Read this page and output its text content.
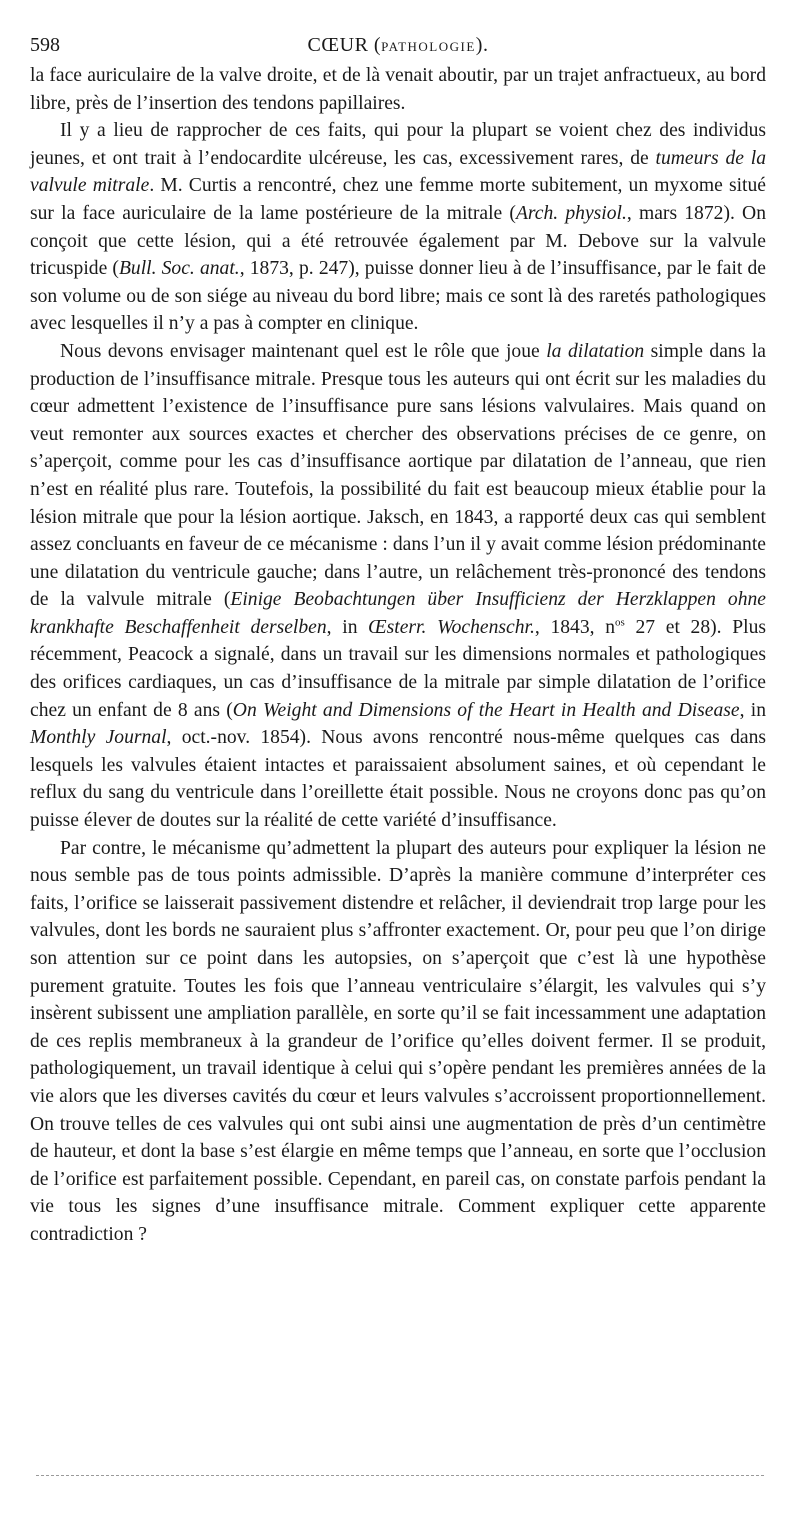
598	CŒUR (PATHOLOGIE).

la face auriculaire de la valve droite, et de là venait aboutir, par un trajet anfractueux, au bord libre, près de l’insertion des tendons papillaires.

Il y a lieu de rapprocher de ces faits, qui pour la plupart se voient chez des individus jeunes, et ont trait à l’endocardite ulcéreuse, les cas, excessivement rares, de tumeurs de la valvule mitrale. M. Curtis a rencontré, chez une femme morte subitement, un myxome situé sur la face auriculaire de la lame postérieure de la mitrale (Arch. physiol., mars 1872). On conçoit que cette lésion, qui a été retrouvée également par M. Debove sur la valvule tricuspide (Bull. Soc. anat., 1873, p. 247), puisse donner lieu à de l’insuffisance, par le fait de son volume ou de son siége au niveau du bord libre; mais ce sont là des raretés pathologiques avec lesquelles il n’y a pas à compter en clinique.

Nous devons envisager maintenant quel est le rôle que joue la dilatation simple dans la production de l’insuffisance mitrale. Presque tous les auteurs qui ont écrit sur les maladies du cœur admettent l’existence de l’insuffisance pure sans lésions valvulaires. Mais quand on veut remonter aux sources exactes et chercher des observations précises de ce genre, on s’aperçoit, comme pour les cas d’insuffisance aortique par dilatation de l’anneau, que rien n’est en réalité plus rare. Toutefois, la possibilité du fait est beaucoup mieux établie pour la lésion mitrale que pour la lésion aortique. Jaksch, en 1843, a rapporté deux cas qui semblent assez concluants en faveur de ce mécanisme : dans l’un il y avait comme lésion prédominante une dilatation du ventricule gauche; dans l’autre, un relâchement très-prononcé des tendons de la valvule mitrale (Einige Beobachtungen über Insufficienz der Herzklappen ohne krankhafte Beschaffenheit derselben, in Œsterr. Wochenschr., 1843, $n^{os}$ 27 et 28). Plus récemment, Peacock a signalé, dans un travail sur les dimensions normales et pathologiques des orifices cardiaques, un cas d’insuffisance de la mitrale par simple dilatation de l’orifice chez un enfant de 8 ans (On Weight and Dimensions of the Heart in Health and Disease, in Monthly Journal, oct.-nov. 1854). Nous avons rencontré nous-même quelques cas dans lesquels les valvules étaient intactes et paraissaient absolument saines, et où cependant le reflux du sang du ventricule dans l’oreillette était possible. Nous ne croyons donc pas qu’on puisse élever de doutes sur la réalité de cette variété d’insuffisance.

Par contre, le mécanisme qu’admettent la plupart des auteurs pour expliquer la lésion ne nous semble pas de tous points admissible. D’après la manière commune d’interpréter ces faits, l’orifice se laisserait passivement distendre et relâcher, il deviendrait trop large pour les valvules, dont les bords ne sauraient plus s’affronter exactement. Or, pour peu que l’on dirige son attention sur ce point dans les autopsies, on s’aperçoit que c’est là une hypothèse purement gratuite. Toutes les fois que l’anneau ventriculaire s’élargit, les valvules qui s’y insèrent subissent une ampliation parallèle, en sorte qu’il se fait incessamment une adaptation de ces replis membraneux à la grandeur de l’orifice qu’elles doivent fermer. Il se produit, pathologiquement, un travail identique à celui qui s’opère pendant les premières années de la vie alors que les diverses cavités du cœur et leurs valvules s’accroissent proportionnellement. On trouve telles de ces valvules qui ont subi ainsi une augmentation de près d’un centimètre de hauteur, et dont la base s’est élargie en même temps que l’anneau, en sorte que l’occlusion de l’orifice est parfaitement possible. Cependant, en pareil cas, on constate parfois pendant la vie tous les signes d’une insuffisance mitrale. Comment expliquer cette apparente contradiction ?
